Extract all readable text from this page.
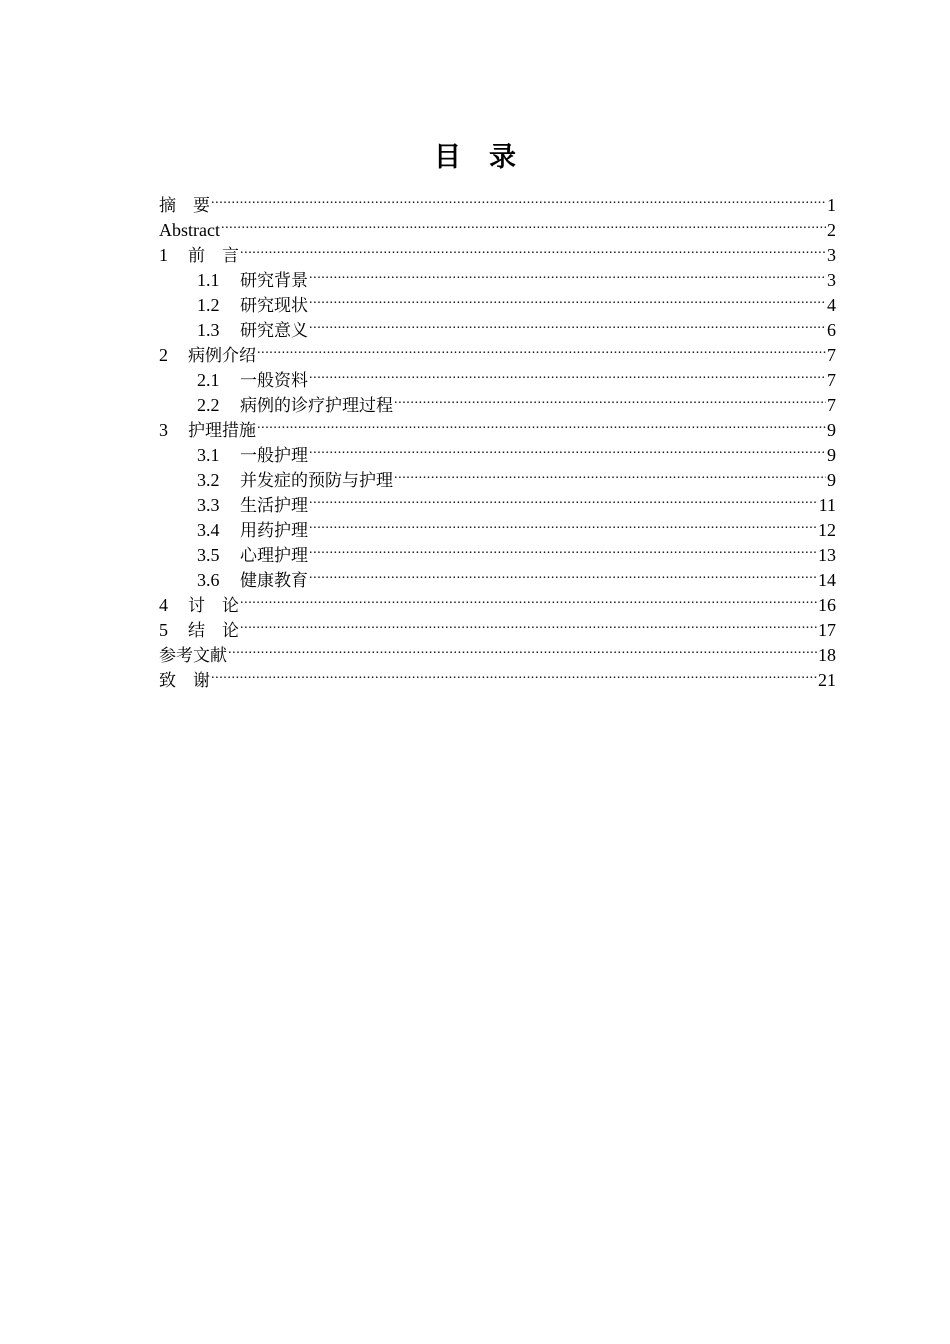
目 录
摘　要 .....	1
Abstract .....	2
1	前　言 .....	3
1.1	研究背景 .....	3
1.2	研究现状 .....	4
1.3	研究意义 .....	6
2	病例介绍 .....	7
2.1	一般资料 .....	7
2.2	病例的诊疗护理过程 .....	7
3	护理措施 .....	9
3.1	一般护理 .....	9
3.2	并发症的预防与护理 .....	9
3.3	生活护理 .....	11
3.4	用药护理 .....	12
3.5	心理护理 .....	13
3.6	健康教育 .....	14
4	讨　论 .....	16
5	结　论 .....	17
参考文献 .....	18
致　谢 .....	21
